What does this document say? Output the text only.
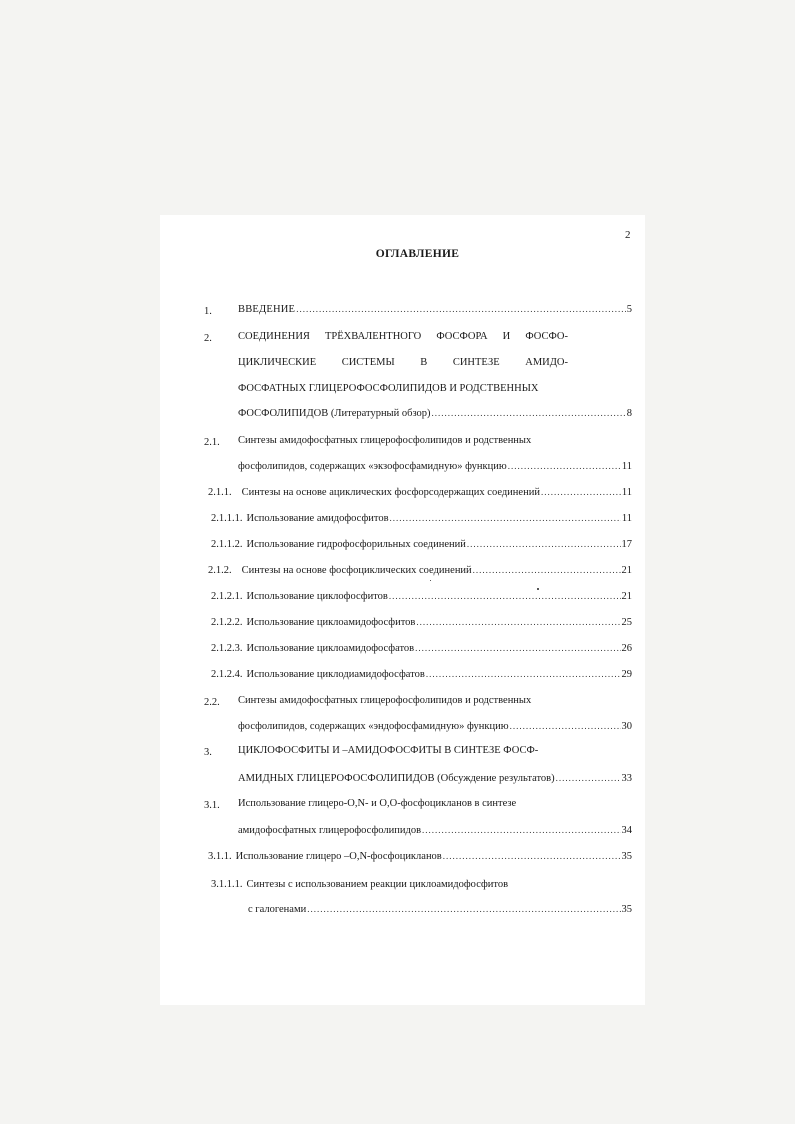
2
ОГЛАВЛЕНИЕ
1. ВВЕДЕНИЕ .....	5
2. СОЕДИНЕНИЯ ТРЁХВАЛЕНТНОГО ФОСФОРА И ФОСФО-
ЦИКЛИЧЕСКИЕ СИСТЕМЫ В СИНТЕЗЕ АМИДО-
ФОСФАТНЫХ ГЛИЦЕРОФОСФОЛИПИДОВ И РОДСТВЕННЫХ
ФОСФОЛИПИДОВ (Литературный обзор) .....	8
2.1. Синтезы амидофосфатных глицерофосфолипидов и родственных
фосфолипидов, содержащих «экзофосфамидную» функцию .....	11
2.1.1. Синтезы на основе ациклических фосфорсодержащих соединений .....	11
2.1.1.1. Использование амидофосфитов .....	11
2.1.1.2. Использование гидрофосфорильных соединений .....	17
2.1.2. Синтезы на основе фосфоциклических соединений .....	21
2.1.2.1. Использование циклофосфитов .....	21
2.1.2.2. Использование циклоамидофосфитов .....	25
2.1.2.3. Использование циклоамидофосфатов .....	26
2.1.2.4. Использование циклодиамидофосфатов .....	29
2.2. Синтезы амидофосфатных глицерофосфолипидов и родственных
фосфолипидов, содержащих «эндофосфамидную» функцию .....	30
3. ЦИКЛОФОСФИТЫ И –АМИДОФОСФИТЫ В СИНТЕЗЕ ФОСФ-
АМИДНЫХ ГЛИЦЕРОФОСФОЛИПИДОВ (Обсуждение результатов) .....	33
3.1. Использование глицеро-O,N- и O,O-фосфоцикланов в синтезе
амидофосфатных глицерофосфолипидов .....	34
3.1.1. Использование глицеро –O,N-фосфоцикланов .....	35
3.1.1.1. Синтезы с использованием реакции циклоамидофосфитов
с галогенами .....	35
